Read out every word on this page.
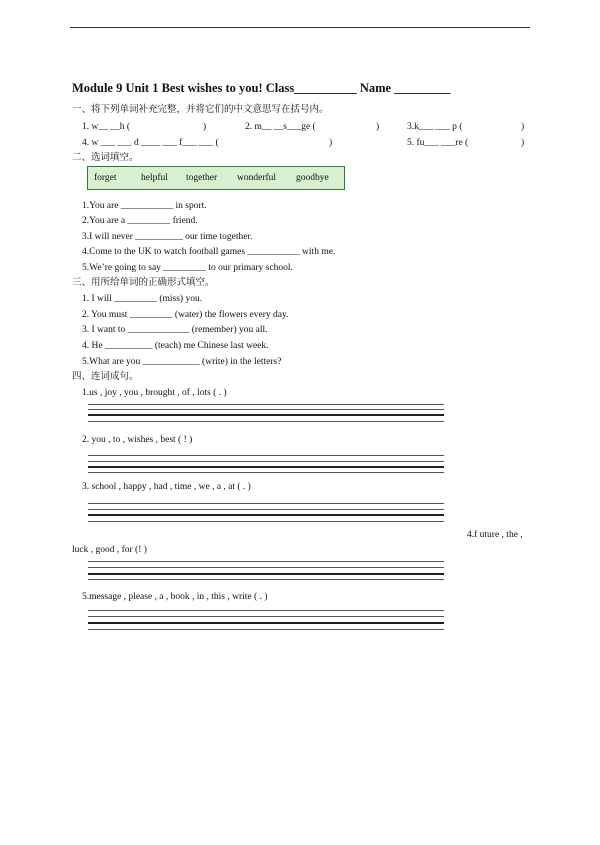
Module 9 Unit 1 Best wishes to you! Class__________ Name _________
一、将下列单词补充完整，并将它们的中文意思写在括号内。
1. w__ __h (	)	2. m__ __s___ge (	)	3.k___ ___ p (	)
4. w ___ ___ d ____ ___ f___ ___ (	)	5. fu___ ___re (	)
二、选词填空。
forget	helpful together wonderful goodbye
1.You are ___________ in sport.
2.You are a _________ friend.
3.I will never __________ our time together.
4.Come to the UK to watch football games ___________ with me.
5.We’re going to say _________ to our primary school.
三、用所给单词的正确形式填空。
1. I will _________ (miss) you.
2. You must _________ (water) the flowers every day.
3. I want to _____________ (remember) you all.
4. He __________ (teach) me Chinese last week.
5.What are you ____________ (write) in the letters?
四、连词成句。
1.us , joy , you , brought , of , lots ( . )
2. you , to , wishes , best ( ! )
3. school , happy , had , time , we , a , at ( . )
4.f uture , the ,
luck , good , for (! )
5.message , please , a , book , in , this , write ( . )
